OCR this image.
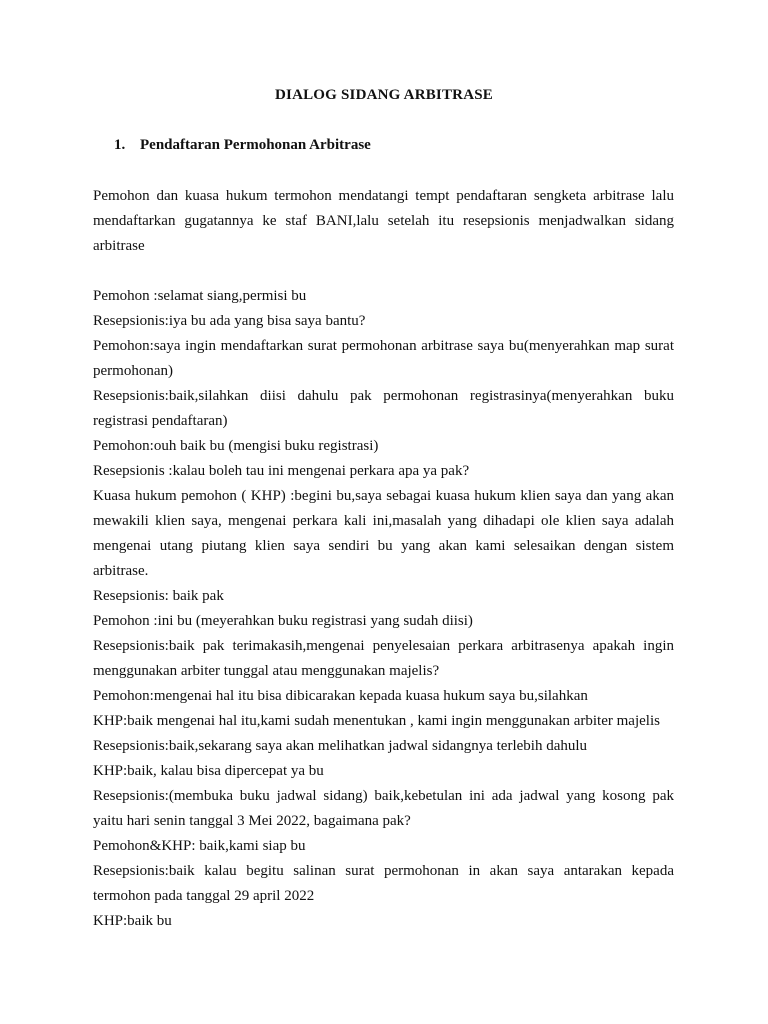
DIALOG SIDANG ARBITRASE
1. Pendaftaran Permohonan Arbitrase

Pemohon dan kuasa hukum termohon mendatangi tempt pendaftaran sengketa arbitrase lalu mendaftarkan gugatannya ke staf BANI,lalu setelah itu resepsionis menjadwalkan sidang arbitrase

Pemohon :selamat siang,permisi bu

Resepsionis:iya bu ada yang bisa saya bantu?

Pemohon:saya ingin mendaftarkan surat permohonan arbitrase saya bu(menyerahkan map surat permohonan)

Resepsionis:baik,silahkan diisi dahulu pak permohonan registrasinya(menyerahkan buku registrasi pendaftaran)

Pemohon:ouh baik bu (mengisi buku registrasi)

Resepsionis :kalau boleh tau ini mengenai perkara apa ya pak?

Kuasa hukum pemohon ( KHP) :begini bu,saya sebagai kuasa hukum klien saya dan yang akan mewakili klien saya, mengenai perkara kali ini,masalah yang dihadapi ole klien saya adalah mengenai utang piutang klien saya sendiri bu yang akan kami selesaikan dengan sistem arbitrase.

Resepsionis: baik pak

Pemohon :ini bu (meyerahkan buku registrasi yang sudah diisi)

Resepsionis:baik pak terimakasih,mengenai penyelesaian perkara arbitrasenya apakah ingin menggunakan arbiter tunggal atau menggunakan majelis?

Pemohon:mengenai hal itu bisa dibicarakan kepada kuasa hukum saya bu,silahkan

KHP:baik mengenai hal itu,kami sudah menentukan , kami ingin menggunakan arbiter majelis

Resepsionis:baik,sekarang saya akan melihatkan jadwal sidangnya terlebih dahulu

KHP:baik, kalau bisa dipercepat ya bu

Resepsionis:(membuka buku jadwal sidang) baik,kebetulan ini ada jadwal yang kosong pak yaitu hari senin tanggal 3 Mei 2022, bagaimana pak?

Pemohon&KHP: baik,kami siap bu

Resepsionis:baik kalau begitu salinan surat permohonan in akan saya antarakan kepada termohon pada tanggal 29 april 2022

KHP:baik bu
